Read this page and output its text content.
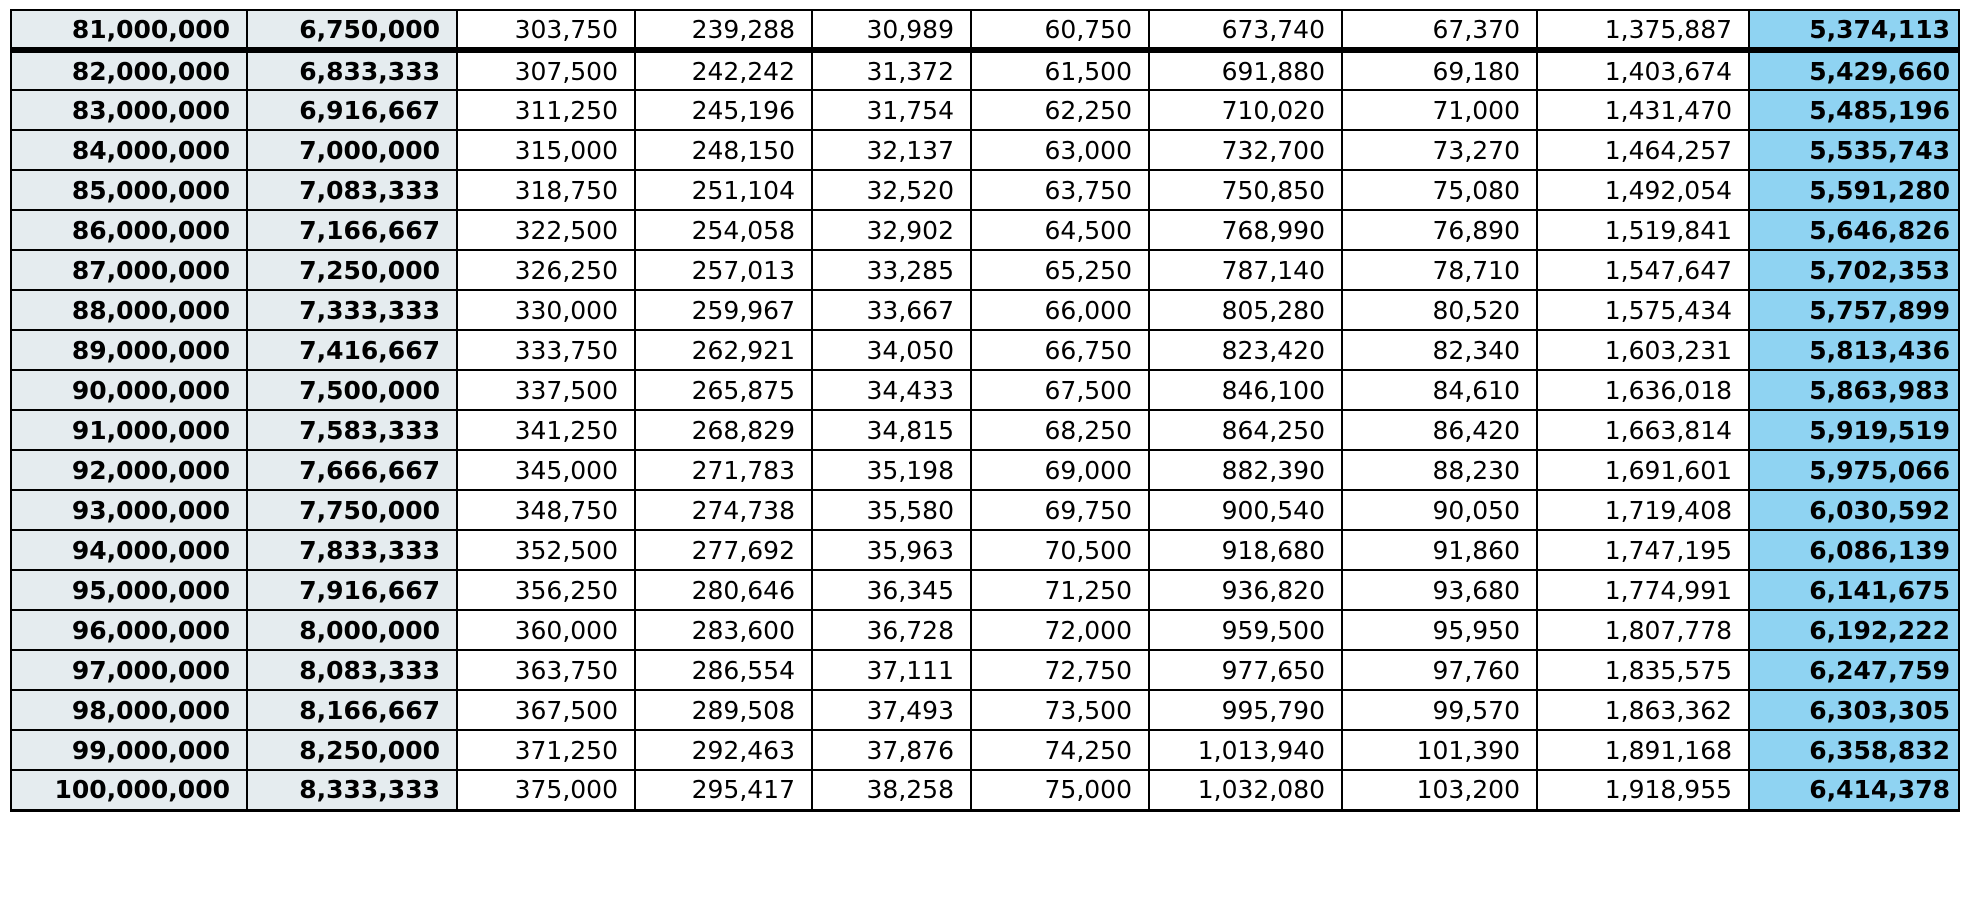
81,000,000	6,750,000	303,750	239,288	30,989	60,750	673,740	67,370	1,375,887	5,374,113
82,000,000	6,833,333	307,500	242,242	31,372	61,500	691,880	69,180	1,403,674	5,429,660
83,000,000	6,916,667	311,250	245,196	31,754	62,250	710,020	71,000	1,431,470	5,485,196
84,000,000	7,000,000	315,000	248,150	32,137	63,000	732,700	73,270	1,464,257	5,535,743
85,000,000	7,083,333	318,750	251,104	32,520	63,750	750,850	75,080	1,492,054	5,591,280
86,000,000	7,166,667	322,500	254,058	32,902	64,500	768,990	76,890	1,519,841	5,646,826
87,000,000	7,250,000	326,250	257,013	33,285	65,250	787,140	78,710	1,547,647	5,702,353
88,000,000	7,333,333	330,000	259,967	33,667	66,000	805,280	80,520	1,575,434	5,757,899
89,000,000	7,416,667	333,750	262,921	34,050	66,750	823,420	82,340	1,603,231	5,813,436
90,000,000	7,500,000	337,500	265,875	34,433	67,500	846,100	84,610	1,636,018	5,863,983
91,000,000	7,583,333	341,250	268,829	34,815	68,250	864,250	86,420	1,663,814	5,919,519
92,000,000	7,666,667	345,000	271,783	35,198	69,000	882,390	88,230	1,691,601	5,975,066
93,000,000	7,750,000	348,750	274,738	35,580	69,750	900,540	90,050	1,719,408	6,030,592
94,000,000	7,833,333	352,500	277,692	35,963	70,500	918,680	91,860	1,747,195	6,086,139
95,000,000	7,916,667	356,250	280,646	36,345	71,250	936,820	93,680	1,774,991	6,141,675
96,000,000	8,000,000	360,000	283,600	36,728	72,000	959,500	95,950	1,807,778	6,192,222
97,000,000	8,083,333	363,750	286,554	37,111	72,750	977,650	97,760	1,835,575	6,247,759
98,000,000	8,166,667	367,500	289,508	37,493	73,500	995,790	99,570	1,863,362	6,303,305
99,000,000	8,250,000	371,250	292,463	37,876	74,250	1,013,940	101,390	1,891,168	6,358,832
100,000,000	8,333,333	375,000	295,417	38,258	75,000	1,032,080	103,200	1,918,955	6,414,378
